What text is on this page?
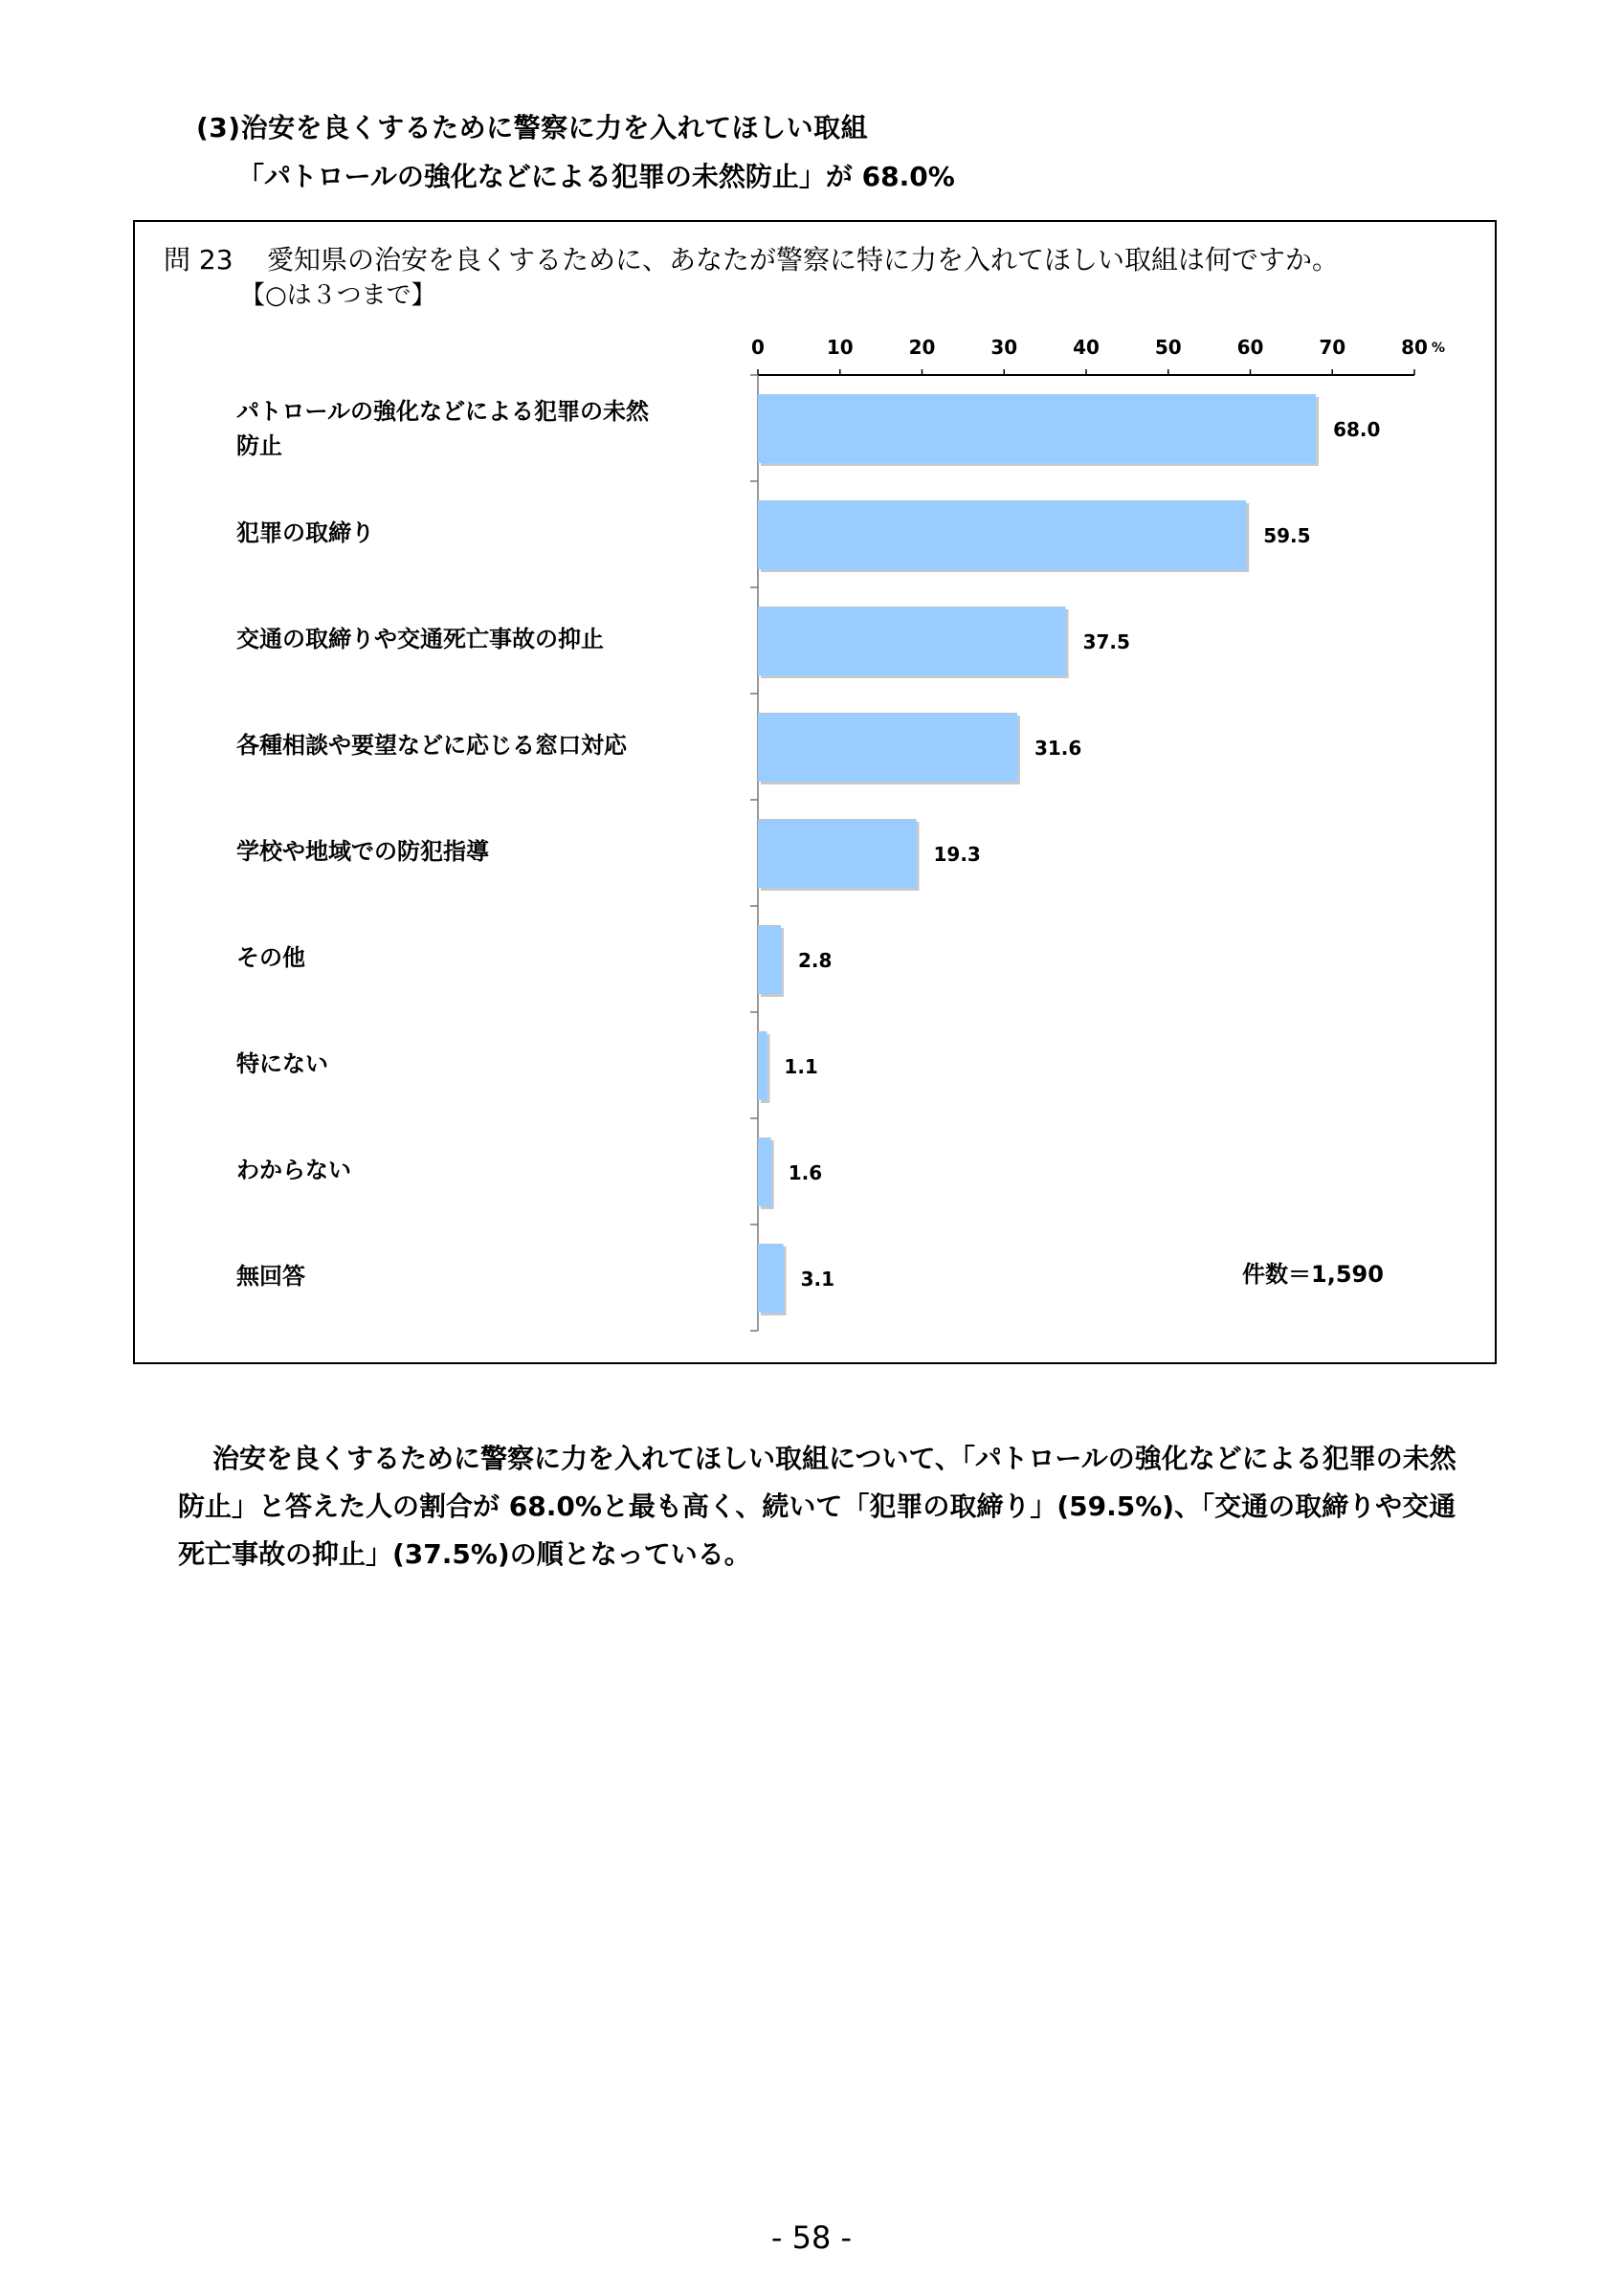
(3)治安を良くするために警察に力を入れてほしい取組
「パトロールの強化などによる犯罪の未然防止」が 68.0%
問 23 愛知県の治安を良くするために、あなたが警察に特に力を入れてほしい取組は何ですか。
【○は３つまで】
パトロールの強化などによる犯罪の未然
防止
犯罪の取締り
交通の取締りや交通死亡事故の抑止
各種相談や要望などに応じる窓口対応
学校や地域での防犯指導
その他
特にない
わからない
無回答
0	10	20	30	40	50	60	70	80 %
68.0
59.5
37.5
31.6
19.3
2.8
1.1
1.6
3.1	件数＝1,590

治安を良くするために警察に力を入れてほしい取組について、「パトロールの強化などによる犯罪の未然防止」と答えた人の割合が 68.0%と最も高く、続いて「犯罪の取締り」(59.5%)、「交通の取締りや交通死亡事故の抑止」(37.5%)の順となっている。

- 58 -
